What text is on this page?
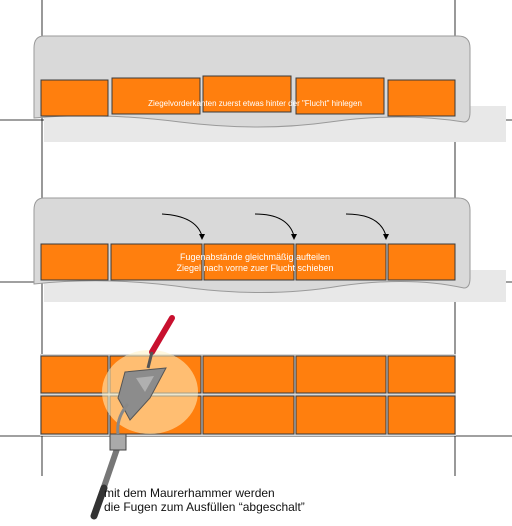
Ziegelvorderkanten zuerst etwas hinter der "Flucht" hinlegen
Fugenabstände gleichmäßig aufteilen
Ziegel nach vorne zuer Flucht schieben
mit dem Maurerhammer werden
die Fugen zum Ausfüllen “abgeschalt”
